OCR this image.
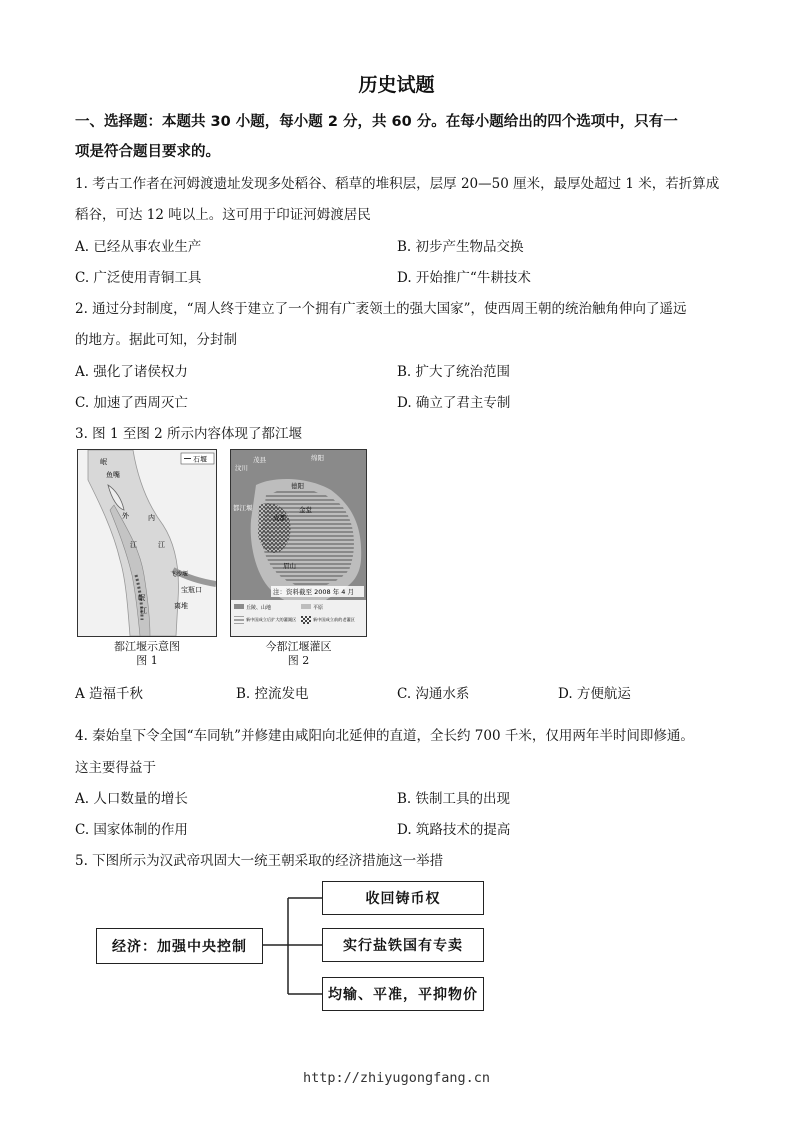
历史试题
一、选择题：本题共 30 小题，每小题 2 分，共 60 分。在每小题给出的四个选项中，只有一
项是符合题目要求的。
1. 考古工作者在河姆渡遗址发现多处稻谷、稻草的堆积层，层厚 20—50 厘米，最厚处超过 1 米，若折算成
稻谷，可达 12 吨以上。这可用于印证河姆渡居民
A. 已经从事农业生产	B. 初步产生物品交换
C. 广泛使用青铜工具	D. 开始推广“牛耕技术
2. 通过分封制度，“周人终于建立了一个拥有广袤领土的强大国家”，使西周王朝的统治触角伸向了遥远
的地方。据此可知，分封制
A. 强化了诸侯权力	B. 扩大了统治范围
C. 加速了西周灭亡	D. 确立了君主专制
3. 图 1 至图 2 所示内容体现了都江堰
石堰
岷
鱼嘴
外	内
江	江
飞沙堰
宝瓶口
岷
江
离堆
都江堰示意图
图 1
注：资料截至 2008 年 4 月
汶川
茂县	绵阳
德阳
金堂
都江堰
成都
眉山
丘陵、山地	平原
新中国成立后扩大的灌溉区	新中国成立前的老灌区
今都江堰灌区
图 2
A 造福千秋	B. 控流发电	C. 沟通水系	D. 方便航运
4. 秦始皇下令全国“车同轨”并修建由咸阳向北延伸的直道，全长约 700 千米，仅用两年半时间即修通。
这主要得益于
A. 人口数量的增长	B. 铁制工具的出现
C. 国家体制的作用	D. 筑路技术的提高
5. 下图所示为汉武帝巩固大一统王朝采取的经济措施这一举措
经济：加强中央控制
收回铸币权
实行盐铁国有专卖
均输、平准，平抑物价
http://zhiyugongfang.cn
